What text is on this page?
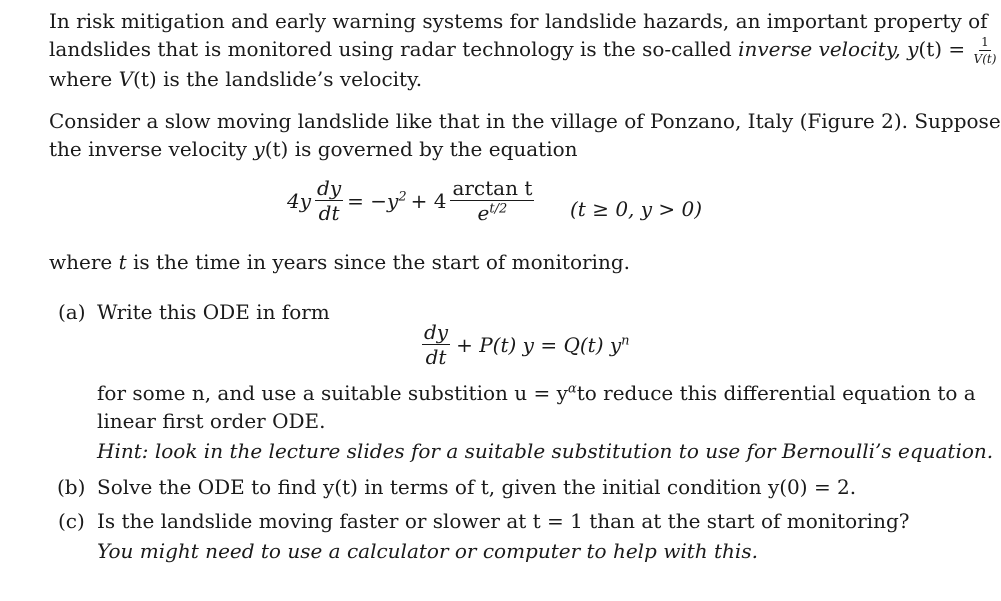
In risk mitigation and early warning systems for landslide hazards, an important property of
landslides that is monitored using radar technology is the so-called inverse velocity, $y(t) = \frac{1}{V(t)}$
where V(t) is the landslide’s velocity.
Consider a slow moving landslide like that in the village of Ponzano, Italy (Figure 2). Suppose
the inverse velocity y(t) is governed by the equation
$4y \frac{dy}{dt} = -y^2 + 4 \frac{\text{arctan t}}{e^{t/2}} (t \ge 0$, y > 0)
where t is the time in years since the start of monitoring.
(a) Write this ODE in form
$\frac{dy}{dt} + P(t) y = Q(t)$ $y^n$
for some n, and use a suitable substition $u = y^\alpha$ to reduce this differential equation to a
linear first order ODE.
Hint: look in the lecture slides for a suitable substitution to use for Bernoulli’s equation.
(b) Solve the ODE to find y(t) in terms of t, given the initial condition y(0) = 2.
(c) Is the landslide moving faster or slower at t = 1 than at the start of monitoring?
You might need to use a calculator or computer to help with this.
